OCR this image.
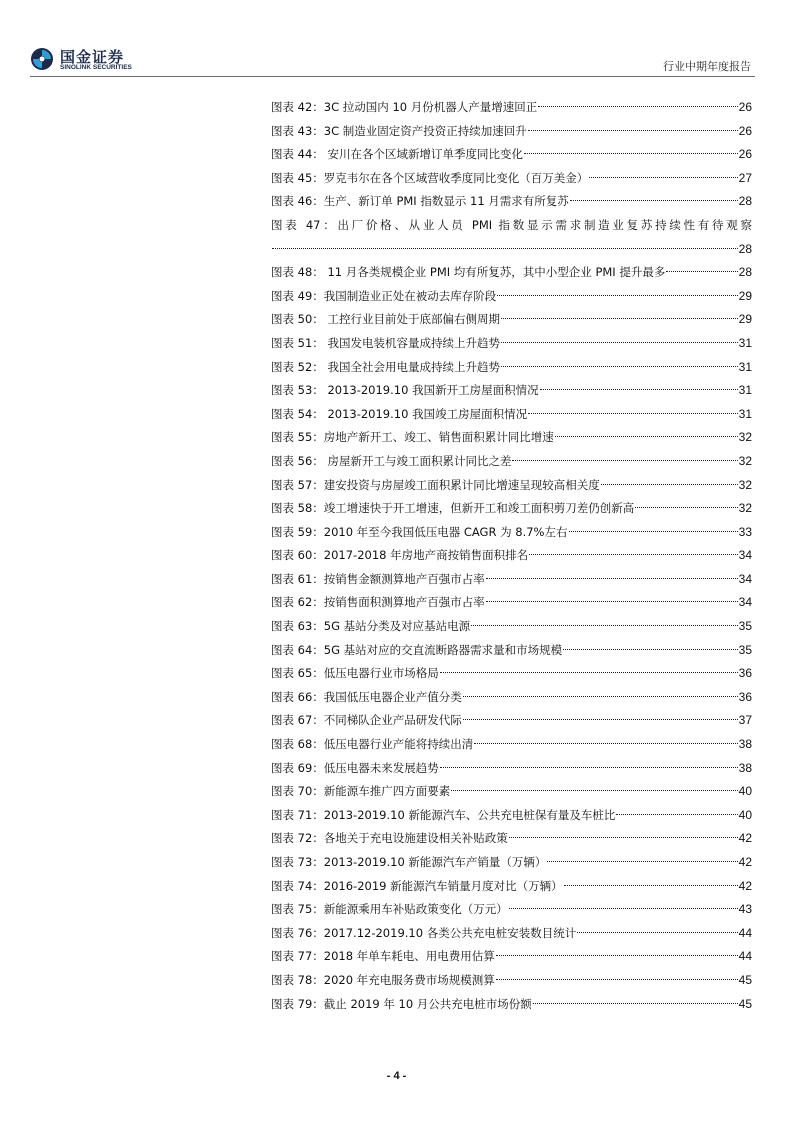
国金证券
SINOLINK SECURITIES	行业中期年度报告
图表 42：3C 拉动国内 10 月份机器人产量增速回正	26
图表 43：3C 制造业固定资产投资正持续加速回升	26
图表 44： 安川在各个区域新增订单季度同比变化	26
图表 45：罗克韦尔在各个区域营收季度同比变化（百万美金）	27
图表 46：生产、新订单 PMI 指数显示 11 月需求有所复苏	28
图表 47：出厂价格、从业人员 PMI 指数显示需求制造业复苏持续性有待观察
28
图表 48： 11 月各类规模企业 PMI 均有所复苏，其中小型企业 PMI 提升最多	28
图表 49：我国制造业正处在被动去库存阶段	29
图表 50： 工控行业目前处于底部偏右侧周期	29
图表 51： 我国发电装机容量成持续上升趋势	31
图表 52： 我国全社会用电量成持续上升趋势	31
图表 53： 2013-2019.10 我国新开工房屋面积情况	31
图表 54： 2013-2019.10 我国竣工房屋面积情况	31
图表 55：房地产新开工、竣工、销售面积累计同比增速	32
图表 56： 房屋新开工与竣工面积累计同比之差	32
图表 57：建安投资与房屋竣工面积累计同比增速呈现较高相关度	32
图表 58：竣工增速快于开工增速，但新开工和竣工面积剪刀差仍创新高	32
图表 59：2010 年至今我国低压电器 CAGR 为 8.7%左右	33
图表 60：2017-2018 年房地产商按销售面积排名	34
图表 61：按销售金额测算地产百强市占率	34
图表 62：按销售面积测算地产百强市占率	34
图表 63：5G 基站分类及对应基站电源	35
图表 64：5G 基站对应的交直流断路器需求量和市场规模	35
图表 65：低压电器行业市场格局	36
图表 66：我国低压电器企业产值分类	36
图表 67：不同梯队企业产品研发代际	37
图表 68：低压电器行业产能将持续出清	38
图表 69：低压电器未来发展趋势	38
图表 70：新能源车推广四方面要素	40
图表 71：2013-2019.10 新能源汽车、公共充电桩保有量及车桩比	40
图表 72：各地关于充电设施建设相关补贴政策	42
图表 73：2013-2019.10 新能源汽车产销量（万辆）	42
图表 74：2016-2019 新能源汽车销量月度对比（万辆）	42
图表 75：新能源乘用车补贴政策变化（万元）	43
图表 76：2017.12-2019.10 各类公共充电桩安装数目统计	44
图表 77：2018 年单车耗电、用电费用估算	44
图表 78：2020 年充电服务费市场规模测算	45
图表 79：截止 2019 年 10 月公共充电桩市场份额	45
- 4 -
